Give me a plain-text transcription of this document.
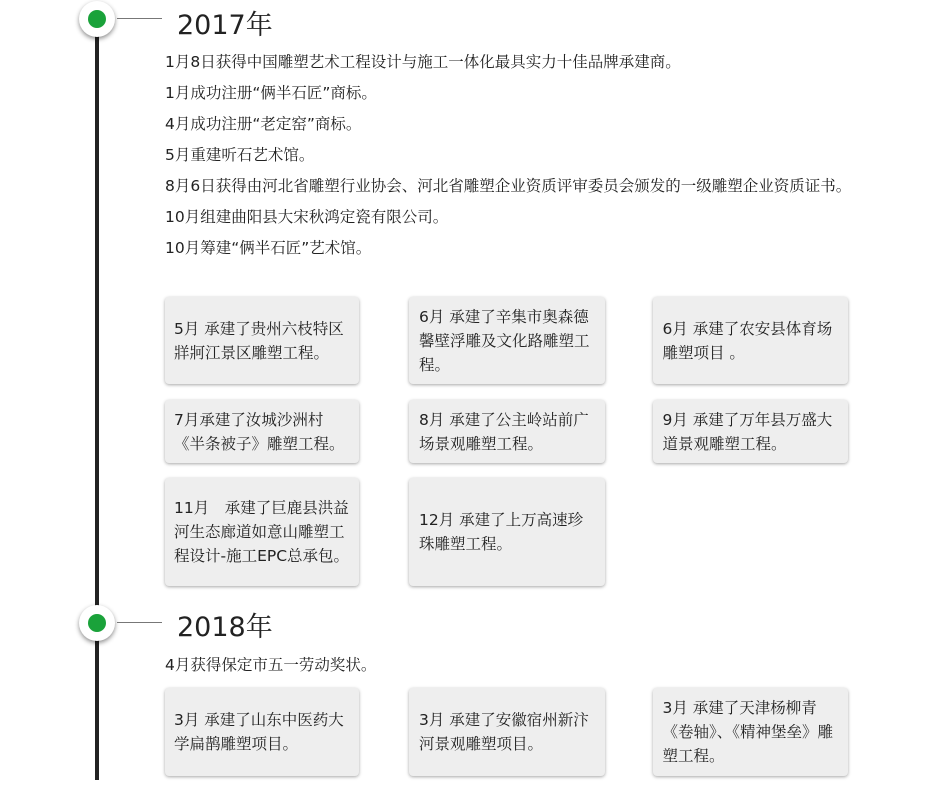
2017年
1月8日获得中国雕塑艺术工程设计与施工一体化最具实力十佳品牌承建商。
1月成功注册“俩半石匠”商标。
4月成功注册“老定窑”商标。
5月重建听石艺术馆。
8月6日获得由河北省雕塑行业协会、河北省雕塑企业资质评审委员会颁发的一级雕塑企业资质证书。
10月组建曲阳县大宋秋鸿定瓷有限公司。
10月筹建“俩半石匠”艺术馆。
5月 承建了贵州六枝特区牂牁江景区雕塑工程。
6月 承建了辛集市奥森德馨壁浮雕及文化路雕塑工程。
6月 承建了农安县体育场雕塑项目 。
7月承建了汝城沙洲村《半条被子》雕塑工程。
8月 承建了公主岭站前广场景观雕塑工程。
9月 承建了万年县万盛大道景观雕塑工程。
11月　承建了巨鹿县洪益河生态廊道如意山雕塑工程设计-施工EPC总承包。
12月 承建了上万高速珍珠雕塑工程。
2018年
4月获得保定市五一劳动奖状。
3月 承建了山东中医药大学扁鹊雕塑项目。
3月 承建了安徽宿州新汴河景观雕塑项目。
3月 承建了天津杨柳青《卷轴》、《精神堡垒》雕塑工程。
